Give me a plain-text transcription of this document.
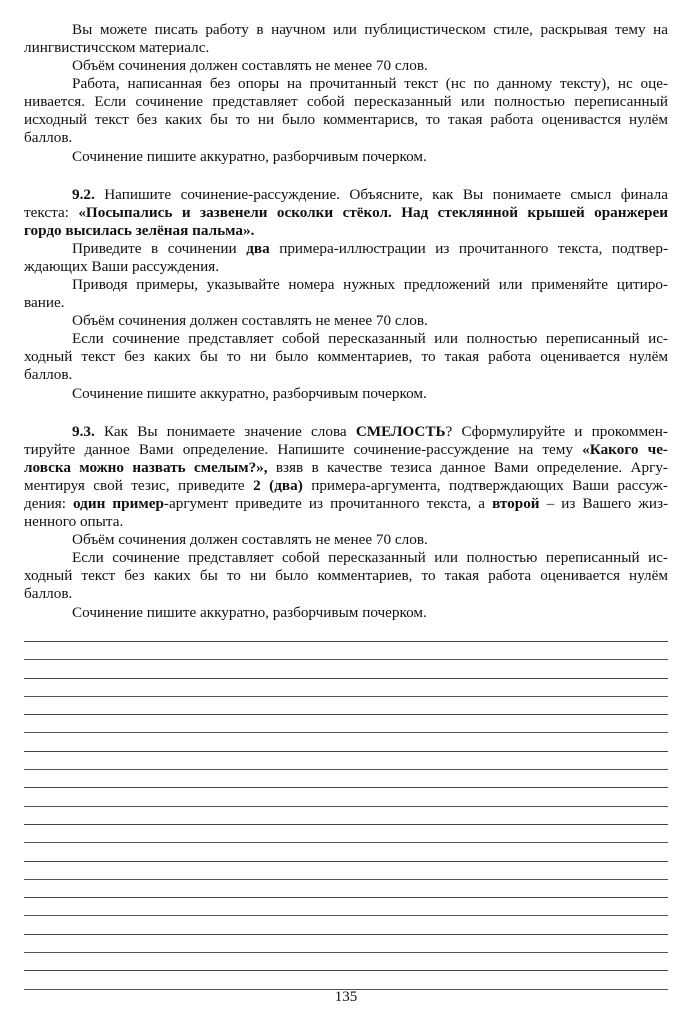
Вы можете писать работу в научном или публицистическом стиле, раскрывая тему на
лингвистичсском материалс.
Объём сочинения должен составлять не менее 70 слов.
Работа, написанная без опоры на прочитанный текст (нс по данному тексту), нс оце-
нивается. Если сочинение представляет собой пересказанный или полностью переписанный
исходный текст без каких бы то ни было комментарисв, то такая работа оценивастся нулём
баллов.
Сочинение пишите аккуратно, разборчивым почерком.
9.2. Напишите сочинение-рассуждение. Объясните, как Вы понимаете смысл финала
текста: «Посыпались и зазвенели осколки стёкол. Над стеклянной крышей оранжереи
гордо высилась зелёная пальма».
Приведите в сочинении два примера-иллюстрации из прочитанного текста, подтвер-
ждающих Ваши рассуждения.
Приводя примеры, указывайте номера нужных предложений или применяйте цитиро-
вание.
Объём сочинения должен составлять не менее 70 слов.
Если сочинение представляет собой пересказанный или полностью переписанный ис-
ходный текст без каких бы то ни было комментариев, то такая работа оценивается нулём
баллов.
Сочинение пишите аккуратно, разборчивым почерком.
9.3. Как Вы понимаете значение слова СМЕЛОСТЬ? Сформулируйте и прокоммен-
тируйте данное Вами определение. Напишите сочинение-рассуждение на тему «Какого че-
ловска можно назвать смелым?», взяв в качестве тезиса данное Вами определение. Аргу-
ментируя свой тезис, приведите 2 (два) примера-аргумента, подтверждающих Ваши рассуж-
дения: один пример-аргумент приведите из прочитанного текста, а второй – из Вашего жиз-
ненного опыта.
Объём сочинения должен составлять не менее 70 слов.
Если сочинение представляет собой пересказанный или полностью переписанный ис-
ходный текст без каких бы то ни было комментариев, то такая работа оценивается нулём
баллов.
Сочинение пишите аккуратно, разборчивым почерком.
135
